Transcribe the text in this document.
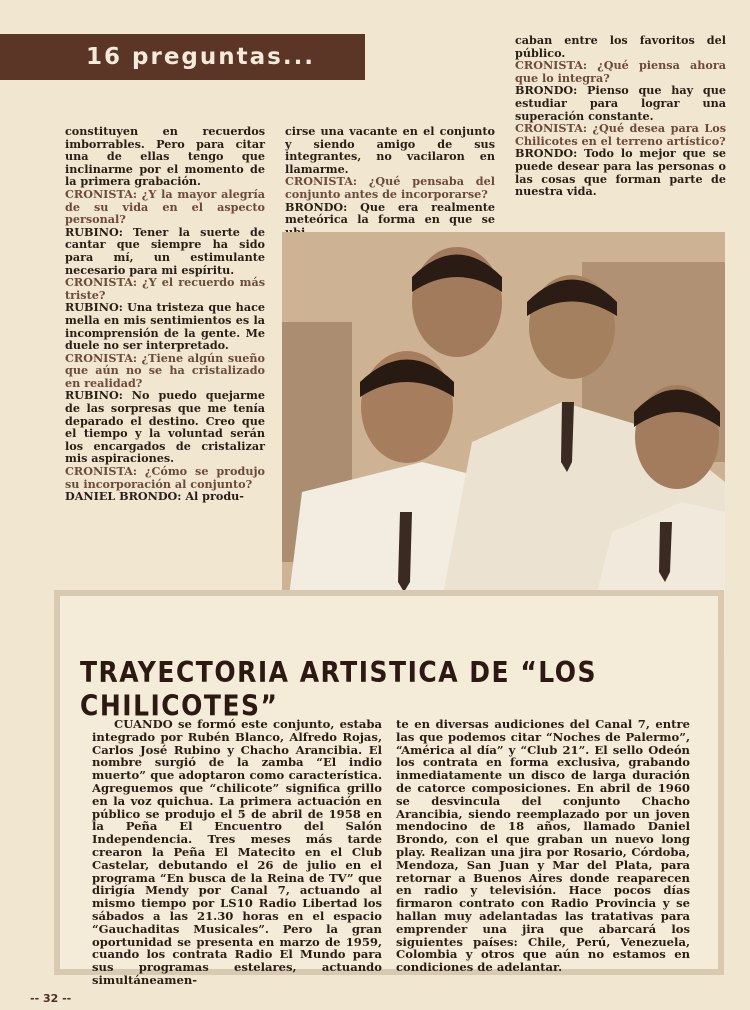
16 preguntas...

constituyen en recuerdos imborrables. Pero para citar una de ellas tengo que inclinarme por el momento de la primera grabación.

CRONISTA: ¿Y la mayor alegría de su vida en el aspecto personal?

RUBINO: Tener la suerte de cantar que siempre ha sido para mí, un estimulante necesario para mi espíritu.

CRONISTA: ¿Y el recuerdo más triste?

RUBINO: Una tristeza que hace mella en mis sentimientos es la incomprensión de la gente. Me duele no ser interpretado.

CRONISTA: ¿Tiene algún sueño que aún no se ha cristalizado en realidad?

RUBINO: No puedo quejarme de las sorpresas que me tenía deparado el destino. Creo que el tiempo y la voluntad serán los encargados de cristalizar mis aspiraciones.

CRONISTA: ¿Cómo se produjo su incorporación al conjunto?

DANIEL BRONDO: Al produ-

cirse una vacante en el conjunto y siendo amigo de sus integrantes, no vacilaron en llamarme.

CRONISTA: ¿Qué pensaba del conjunto antes de incorporarse?

BRONDO: Que era realmente meteórica la forma en que se

caban entre los favoritos del público.

CRONISTA: ¿Qué piensa ahora que lo integra?

BRONDO: Pienso que hay que estudiar para lograr una superación constante.

CRONISTA: ¿Qué desea para Los Chilicotes en el terreno artístico?

BRONDO: Todo lo mejor que se puede desear para las personas o las cosas que forman parte de nuestra vida.

TRAYECTORIA ARTISTICA DE “LOS CHILICOTES”

CUANDO se formó este conjunto, estaba integrado por Rubén Blanco, Alfredo Rojas, Carlos José Rubino y Chacho Arancibia. El nombre surgió de la zamba “El indio muerto” que adoptaron como característica. Agreguemos que “chilicote” significa grillo en la voz quichua. La primera actuación en público se produjo el 5 de abril de 1958 en la Peña El Encuentro del Salón Independencia. Tres meses más tarde crearon la Peña El Matecito en el Club Castelar, debutando el 26 de julio en el programa “En busca de la Reina de TV” que dirigía Mendy por Canal 7, actuando al mismo tiempo por LS10 Radio Libertad los sábados a las 21.30 horas en el espacio “Gauchaditas Musicales”. Pero la gran oportunidad se presenta en marzo de 1959, cuando los contrata Radio El Mundo para sus programas estelares, actuando simultáneamen-

te en diversas audiciones del Canal 7, entre las que podemos citar “Noches de Palermo”, “América al día” y “Club 21”. El sello Odeón los contrata en forma exclusiva, grabando inmediatamente un disco de larga duración de catorce composiciones. En abril de 1960 se desvincula del conjunto Chacho Arancibia, siendo reemplazado por un joven mendocino de 18 años, llamado Daniel Brondo, con el que graban un nuevo long play. Realizan una jira por Rosario, Córdoba, Mendoza, San Juan y Mar del Plata, para retornar a Buenos Aires donde reaparecen en radio y televisión. Hace pocos días firmaron contrato con Radio Provincia y se hallan muy adelantadas las tratativas para emprender una jira que abarcará los siguientes países: Chile, Perú, Venezuela, Colombia y otros que aún no estamos en condiciones de adelantar.

-- 32 --
